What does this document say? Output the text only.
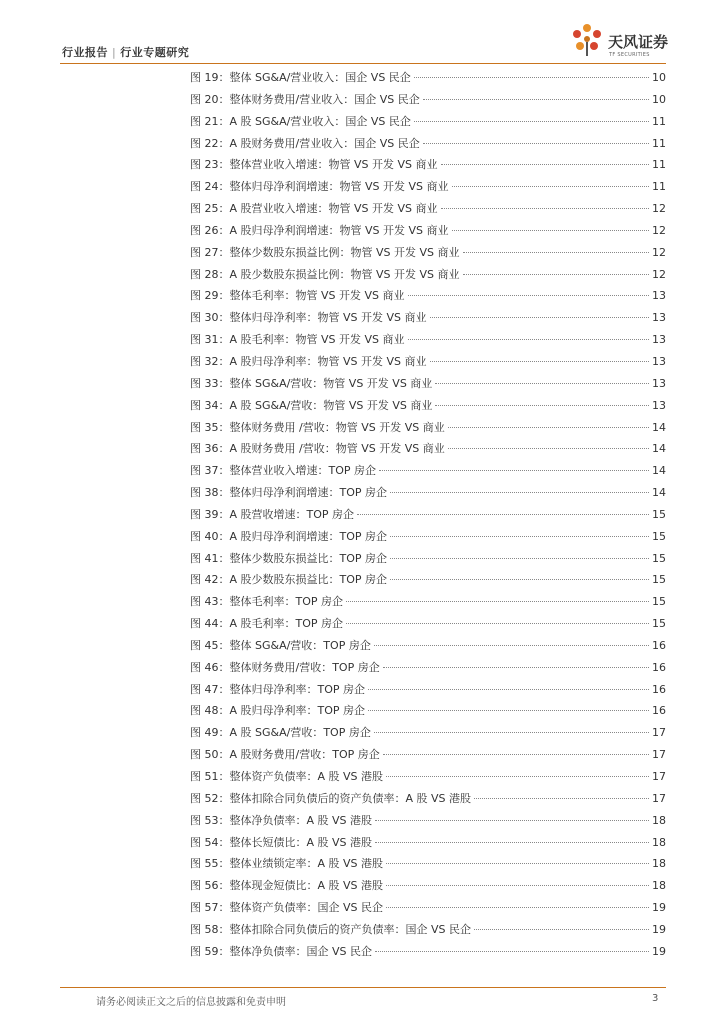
行业报告 | 行业专题研究
天风证券
TF SECURITIES
图 19： 整体 SG&A/营业收入：国企 VS 民企	10
图 20： 整体财务费用/营业收入：国企 VS 民企	10
图 21： A 股 SG&A/营业收入：国企 VS 民企	11
图 22： A 股财务费用/营业收入：国企 VS 民企	11
图 23： 整体营业收入增速：物管 VS 开发 VS 商业	11
图 24： 整体归母净利润增速：物管 VS 开发 VS 商业	11
图 25： A 股营业收入增速：物管 VS 开发 VS 商业	12
图 26： A 股归母净利润增速：物管 VS 开发 VS 商业	12
图 27： 整体少数股东损益比例：物管 VS 开发 VS 商业	12
图 28： A 股少数股东损益比例：物管 VS 开发 VS 商业	12
图 29： 整体毛利率：物管 VS 开发 VS 商业	13
图 30： 整体归母净利率：物管 VS 开发 VS 商业	13
图 31： A 股毛利率：物管 VS 开发 VS 商业	13
图 32： A 股归母净利率：物管 VS 开发 VS 商业	13
图 33： 整体 SG&A/营收：物管 VS 开发 VS 商业	13
图 34： A 股 SG&A/营收：物管 VS 开发 VS 商业	13
图 35： 整体财务费用 /营收：物管 VS 开发 VS 商业	14
图 36： A 股财务费用 /营收：物管 VS 开发 VS 商业	14
图 37： 整体营业收入增速：TOP 房企	14
图 38： 整体归母净利润增速：TOP 房企	14
图 39： A 股营收增速：TOP 房企	15
图 40： A 股归母净利润增速：TOP 房企	15
图 41： 整体少数股东损益比：TOP 房企	15
图 42： A 股少数股东损益比：TOP 房企	15
图 43： 整体毛利率：TOP 房企	15
图 44： A 股毛利率：TOP 房企	15
图 45： 整体 SG&A/营收：TOP 房企	16
图 46： 整体财务费用/营收：TOP 房企	16
图 47： 整体归母净利率：TOP 房企	16
图 48： A 股归母净利率：TOP 房企	16
图 49： A 股 SG&A/营收：TOP 房企	17
图 50： A 股财务费用/营收：TOP 房企	17
图 51： 整体资产负债率：A 股 VS 港股	17
图 52： 整体扣除合同负债后的资产负债率：A 股 VS 港股	17
图 53： 整体净负债率：A 股 VS 港股	18
图 54： 整体长短债比：A 股 VS 港股	18
图 55： 整体业绩锁定率：A 股 VS 港股	18
图 56： 整体现金短债比：A 股 VS 港股	18
图 57： 整体资产负债率：国企 VS 民企	19
图 58： 整体扣除合同负债后的资产负债率：国企 VS 民企	19
图 59： 整体净负债率：国企 VS 民企	19
请务必阅读正文之后的信息披露和免责申明	3
